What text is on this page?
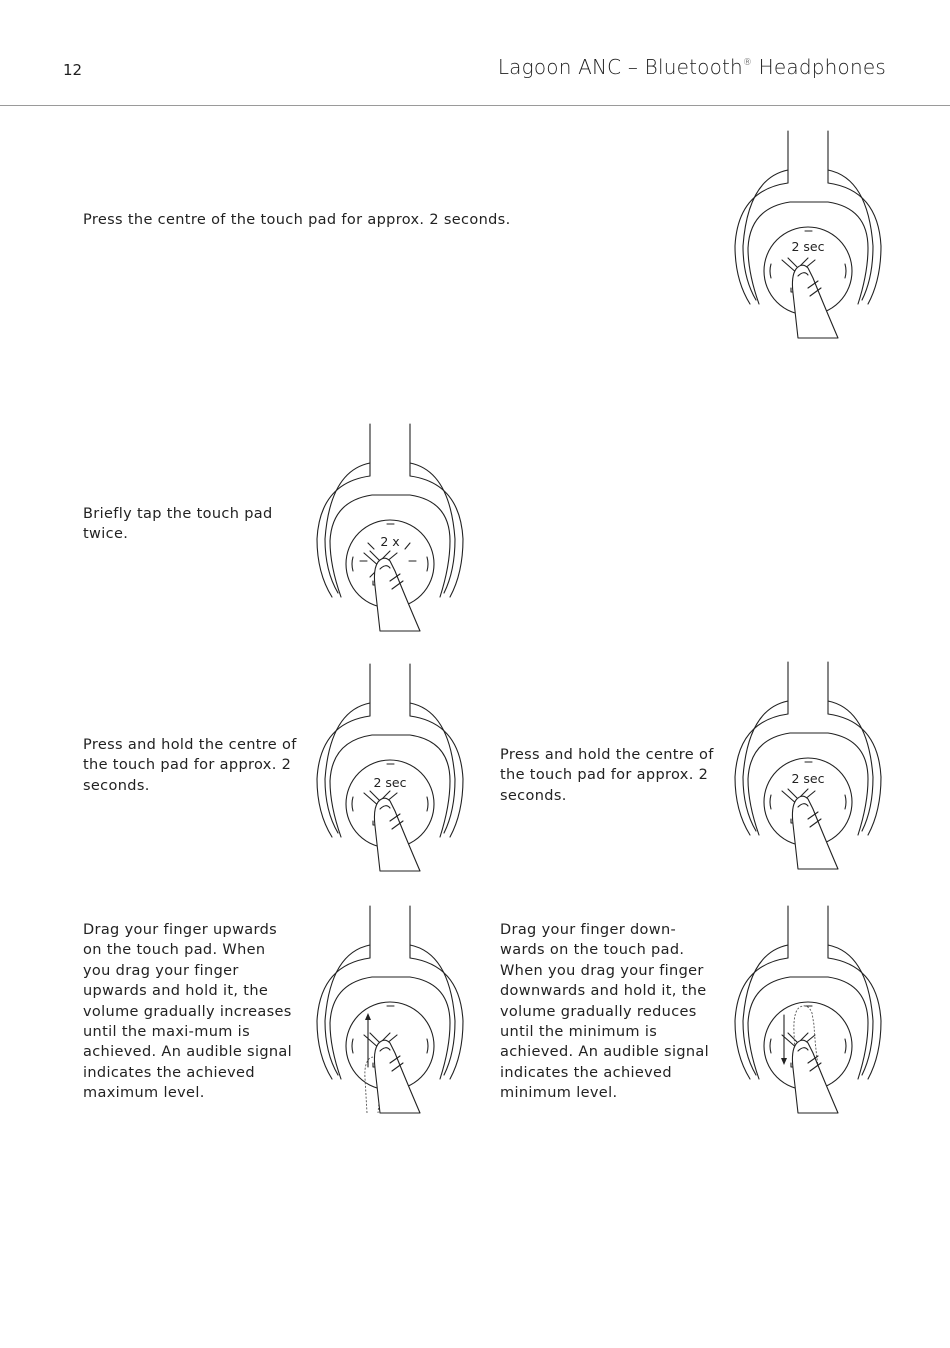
12	Lagoon ANC – Bluetooth® Headphones

Press the centre of the touch pad for approx. 2 seconds.

2 sec

Briefly tap the touch pad twice.	2 x

Press and hold the centre of the touch pad for approx. 2 seconds.	2 sec

Press and hold the centre of the touch pad for approx. 2 seconds.

2 sec

Drag your finger upwards on the touch pad. When you drag your finger upwards and hold it, the volume gradually increases until the maxi-mum is achieved. An audible signal indicates the achieved maximum level.

Drag your finger down-wards on the touch pad. When you drag your finger downwards and hold it, the volume gradually reduces until the minimum is achieved. An audible signal indicates the achieved minimum level.
